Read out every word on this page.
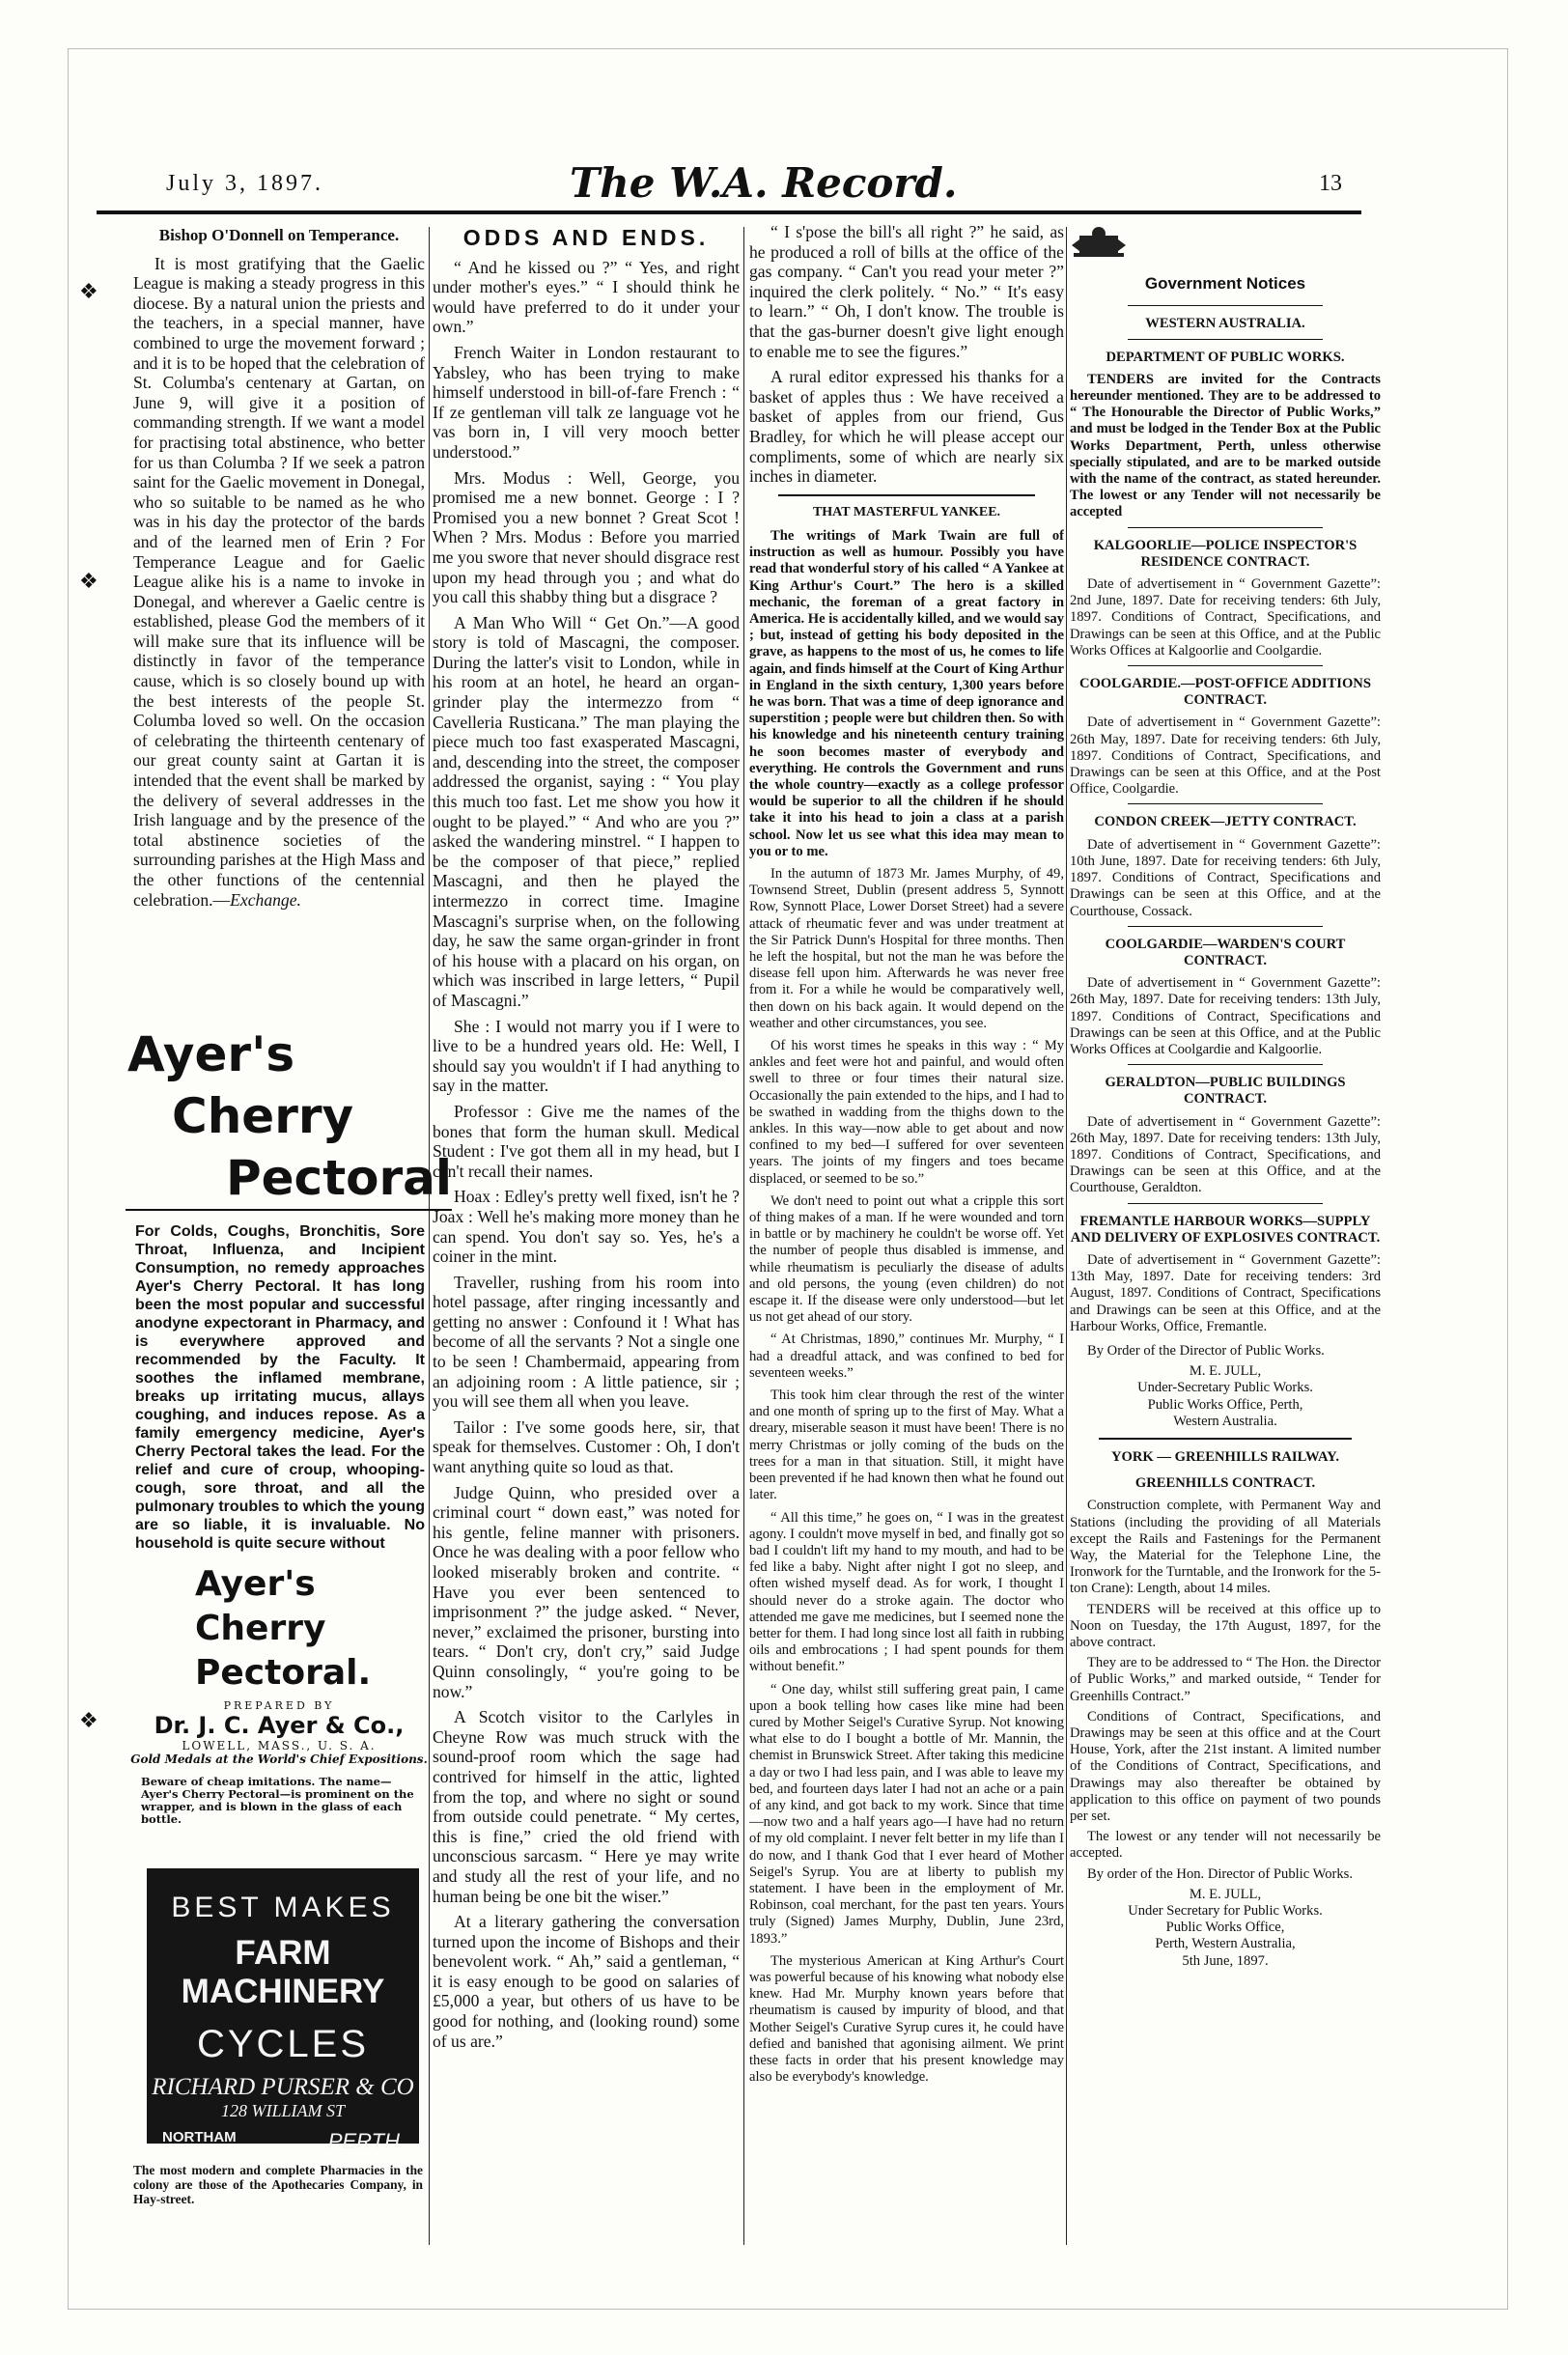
July 3, 1897.	The W.A. Record.	13
❖
❖
❖
Bishop O'Donnell on Temperance.

It is most gratifying that the Gaelic League is making a steady progress in this diocese. By a natural union the priests and the teachers, in a special manner, have combined to urge the movement forward ; and it is to be hoped that the celebration of St. Columba's centenary at Gartan, on June 9, will give it a position of commanding strength. If we want a model for practising total abstinence, who better for us than Columba ? If we seek a patron saint for the Gaelic movement in Donegal, who so suitable to be named as he who was in his day the protector of the bards and of the learned men of Erin ? For Temperance League and for Gaelic League alike his is a name to invoke in Donegal, and wherever a Gaelic centre is established, please God the members of it will make sure that its influence will be distinctly in favor of the temperance cause, which is so closely bound up with the best interests of the people St. Columba loved so well. On the occasion of celebrating the thirteenth centenary of our great county saint at Gartan it is intended that the event shall be marked by the delivery of several addresses in the Irish language and by the presence of the total abstinence societies of the surrounding parishes at the High Mass and the other functions of the centennial celebration.—Exchange.

Ayer's
Cherry
Pectoral
For Colds, Coughs, Bronchitis, Sore Throat, Influenza, and Incipient Consumption, no remedy approaches Ayer's Cherry Pectoral. It has long been the most popular and successful anodyne expectorant in Pharmacy, and is everywhere approved and recommended by the Faculty. It soothes the inflamed membrane, breaks up irritating mucus, allays coughing, and induces repose. As a family emergency medicine, Ayer's Cherry Pectoral takes the lead. For the relief and cure of croup, whooping-cough, sore throat, and all the pulmonary troubles to which the young are so liable, it is invaluable. No household is quite secure without
Ayer's
Cherry
Pectoral.
PREPARED BY
Dr. J. C. Ayer & Co.,
LOWELL, MASS., U. S. A.
Gold Medals at the World's Chief Expositions.
Beware of cheap imitations. The name—Ayer's Cherry Pectoral—is prominent on the wrapper, and is blown in the glass of each bottle.
BEST MAKES
FARM MACHINERY
CYCLES
RICHARD PURSER & CO
128 WILLIAM ST
NORTHAM	PERTH
The most modern and complete Pharmacies in the colony are those of the Apothecaries Company, in Hay-street.
ODDS AND ENDS.

“ And he kissed ou ?” “ Yes, and right under mother's eyes.” “ I should think he would have preferred to do it under your own.”

French Waiter in London restaurant to Yabsley, who has been trying to make himself understood in bill-of-fare French : “ If ze gentleman vill talk ze language vot he vas born in, I vill very mooch better understood.”

Mrs. Modus : Well, George, you promised me a new bonnet. George : I ? Promised you a new bonnet ? Great Scot ! When ? Mrs. Modus : Before you married me you swore that never should disgrace rest upon my head through you ; and what do you call this shabby thing but a disgrace ?

A Man Who Will “ Get On.”—A good story is told of Mascagni, the composer. During the latter's visit to London, while in his room at an hotel, he heard an organ-grinder play the intermezzo from “ Cavelleria Rusticana.” The man playing the piece much too fast exasperated Mascagni, and, descending into the street, the composer addressed the organist, saying : “ You play this much too fast. Let me show you how it ought to be played.” “ And who are you ?” asked the wandering minstrel. “ I happen to be the composer of that piece,” replied Mascagni, and then he played the intermezzo in correct time. Imagine Mascagni's surprise when, on the following day, he saw the same organ-grinder in front of his house with a placard on his organ, on which was inscribed in large letters, “ Pupil of Mascagni.”

She : I would not marry you if I were to live to be a hundred years old. He: Well, I should say you wouldn't if I had anything to say in the matter.

Professor : Give me the names of the bones that form the human skull. Medical Student : I've got them all in my head, but I can't recall their names.

Hoax : Edley's pretty well fixed, isn't he ? Joax : Well he's making more money than he can spend. You don't say so. Yes, he's a coiner in the mint.

Traveller, rushing from his room into hotel passage, after ringing incessantly and getting no answer : Confound it ! What has become of all the servants ? Not a single one to be seen ! Chambermaid, appearing from an adjoining room : A little patience, sir ; you will see them all when you leave.

Tailor : I've some goods here, sir, that speak for themselves. Customer : Oh, I don't want anything quite so loud as that.

Judge Quinn, who presided over a criminal court “ down east,” was noted for his gentle, feline manner with prisoners. Once he was dealing with a poor fellow who looked miserably broken and contrite. “ Have you ever been sentenced to imprisonment ?” the judge asked. “ Never, never,” exclaimed the prisoner, bursting into tears. “ Don't cry, don't cry,” said Judge Quinn consolingly, “ you're going to be now.”

A Scotch visitor to the Carlyles in Cheyne Row was much struck with the sound-proof room which the sage had contrived for himself in the attic, lighted from the top, and where no sight or sound from outside could penetrate. “ My certes, this is fine,” cried the old friend with unconscious sarcasm. “ Here ye may write and study all the rest of your life, and no human being be one bit the wiser.”

At a literary gathering the conversation turned upon the income of Bishops and their benevolent work. “ Ah,” said a gentleman, “ it is easy enough to be good on salaries of £5,000 a year, but others of us have to be good for nothing, and (looking round) some of us are.”

“ I s'pose the bill's all right ?” he said, as he produced a roll of bills at the office of the gas company. “ Can't you read your meter ?” inquired the clerk politely. “ No.” “ It's easy to learn.” “ Oh, I don't know. The trouble is that the gas-burner doesn't give light enough to enable me to see the figures.”

A rural editor expressed his thanks for a basket of apples thus : We have received a basket of apples from our friend, Gus Bradley, for which he will please accept our compliments, some of which are nearly six inches in diameter.

THAT MASTERFUL YANKEE.

The writings of Mark Twain are full of instruction as well as humour. Possibly you have read that wonderful story of his called “ A Yankee at King Arthur's Court.” The hero is a skilled mechanic, the foreman of a great factory in America. He is accidentally killed, and we would say ; but, instead of getting his body deposited in the grave, as happens to the most of us, he comes to life again, and finds himself at the Court of King Arthur in England in the sixth century, 1,300 years before he was born. That was a time of deep ignorance and superstition ; people were but children then. So with his knowledge and his nineteenth century training he soon becomes master of everybody and everything. He controls the Government and runs the whole country—exactly as a college professor would be superior to all the children if he should take it into his head to join a class at a parish school. Now let us see what this idea may mean to you or to me.

In the autumn of 1873 Mr. James Murphy, of 49, Townsend Street, Dublin (present address 5, Synnott Row, Synnott Place, Lower Dorset Street) had a severe attack of rheumatic fever and was under treatment at the Sir Patrick Dunn's Hospital for three months. Then he left the hospital, but not the man he was before the disease fell upon him. Afterwards he was never free from it. For a while he would be comparatively well, then down on his back again. It would depend on the weather and other circumstances, you see.

Of his worst times he speaks in this way : “ My ankles and feet were hot and painful, and would often swell to three or four times their natural size. Occasionally the pain extended to the hips, and I had to be swathed in wadding from the thighs down to the ankles. In this way—now able to get about and now confined to my bed—I suffered for over seventeen years. The joints of my fingers and toes became displaced, or seemed to be so.”

We don't need to point out what a cripple this sort of thing makes of a man. If he were wounded and torn in battle or by machinery he couldn't be worse off. Yet the number of people thus disabled is immense, and while rheumatism is peculiarly the disease of adults and old persons, the young (even children) do not escape it. If the disease were only understood—but let us not get ahead of our story.

“ At Christmas, 1890,” continues Mr. Murphy, “ I had a dreadful attack, and was confined to bed for seventeen weeks.”

This took him clear through the rest of the winter and one month of spring up to the first of May. What a dreary, miserable season it must have been! There is no merry Christmas or jolly coming of the buds on the trees for a man in that situation. Still, it might have been prevented if he had known then what he found out later.

“ All this time,” he goes on, “ I was in the greatest agony. I couldn't move myself in bed, and finally got so bad I couldn't lift my hand to my mouth, and had to be fed like a baby. Night after night I got no sleep, and often wished myself dead. As for work, I thought I should never do a stroke again. The doctor who attended me gave me medicines, but I seemed none the better for them. I had long since lost all faith in rubbing oils and embrocations ; I had spent pounds for them without benefit.”

“ One day, whilst still suffering great pain, I came upon a book telling how cases like mine had been cured by Mother Seigel's Curative Syrup. Not knowing what else to do I bought a bottle of Mr. Mannin, the chemist in Brunswick Street. After taking this medicine a day or two I had less pain, and I was able to leave my bed, and fourteen days later I had not an ache or a pain of any kind, and got back to my work. Since that time—now two and a half years ago—I have had no return of my old complaint. I never felt better in my life than I do now, and I thank God that I ever heard of Mother Seigel's Syrup. You are at liberty to publish my statement. I have been in the employment of Mr. Robinson, coal merchant, for the past ten years. Yours truly (Signed) James Murphy, Dublin, June 23rd, 1893.”

The mysterious American at King Arthur's Court was powerful because of his knowing what nobody else knew. Had Mr. Murphy known years before that rheumatism is caused by impurity of blood, and that Mother Seigel's Curative Syrup cures it, he could have defied and banished that agonising ailment. We print these facts in order that his present knowledge may also be everybody's knowledge.

Government Notices
WESTERN AUSTRALIA.
DEPARTMENT OF PUBLIC WORKS.

TENDERS are invited for the Contracts hereunder mentioned. They are to be addressed to “ The Honourable the Director of Public Works,” and must be lodged in the Tender Box at the Public Works Department, Perth, unless otherwise specially stipulated, and are to be marked outside with the name of the contract, as stated hereunder. The lowest or any Tender will not necessarily be accepted

KALGOORLIE—POLICE INSPECTOR'S RESIDENCE CONTRACT.

Date of advertisement in “ Government Gazette”: 2nd June, 1897. Date for receiving tenders: 6th July, 1897. Conditions of Contract, Specifications, and Drawings can be seen at this Office, and at the Public Works Offices at Kalgoorlie and Coolgardie.

COOLGARDIE.—POST-OFFICE ADDITIONS CONTRACT.

Date of advertisement in “ Government Gazette”: 26th May, 1897. Date for receiving tenders: 6th July, 1897. Conditions of Contract, Specifications, and Drawings can be seen at this Office, and at the Post Office, Coolgardie.

CONDON CREEK—JETTY CONTRACT.

Date of advertisement in “ Government Gazette”: 10th June, 1897. Date for receiving tenders: 6th July, 1897. Conditions of Contract, Specifications and Drawings can be seen at this Office, and at the Courthouse, Cossack.

COOLGARDIE—WARDEN'S COURT CONTRACT.

Date of advertisement in “ Government Gazette”: 26th May, 1897. Date for receiving tenders: 13th July, 1897. Conditions of Contract, Specifications and Drawings can be seen at this Office, and at the Public Works Offices at Coolgardie and Kalgoorlie.

GERALDTON—PUBLIC BUILDINGS CONTRACT.

Date of advertisement in “ Government Gazette”: 26th May, 1897. Date for receiving tenders: 13th July, 1897. Conditions of Contract, Specifications, and Drawings can be seen at this Office, and at the Courthouse, Geraldton.

FREMANTLE HARBOUR WORKS—SUPPLY AND DELIVERY OF EXPLOSIVES CONTRACT.

Date of advertisement in “ Government Gazette”: 13th May, 1897. Date for receiving tenders: 3rd August, 1897. Conditions of Contract, Specifications and Drawings can be seen at this Office, and at the Harbour Works, Office, Fremantle.

By Order of the Director of Public Works.

M. E. JULL,
Under-Secretary Public Works.
Public Works Office, Perth,
Western Australia.
YORK — GREENHILLS RAILWAY.
GREENHILLS CONTRACT.

Construction complete, with Permanent Way and Stations (including the providing of all Materials except the Rails and Fastenings for the Permanent Way, the Material for the Telephone Line, the Ironwork for the Turntable, and the Ironwork for the 5-ton Crane): Length, about 14 miles.

TENDERS will be received at this office up to Noon on Tuesday, the 17th August, 1897, for the above contract.

They are to be addressed to “ The Hon. the Director of Public Works,” and marked outside, “ Tender for Greenhills Contract.”

Conditions of Contract, Specifications, and Drawings may be seen at this office and at the Court House, York, after the 21st instant. A limited number of the Conditions of Contract, Specifications, and Drawings may also thereafter be obtained by application to this office on payment of two pounds per set.

The lowest or any tender will not necessarily be accepted.

By order of the Hon. Director of Public Works.

M. E. JULL,
Under Secretary for Public Works.
Public Works Office,
Perth, Western Australia,
5th June, 1897.
